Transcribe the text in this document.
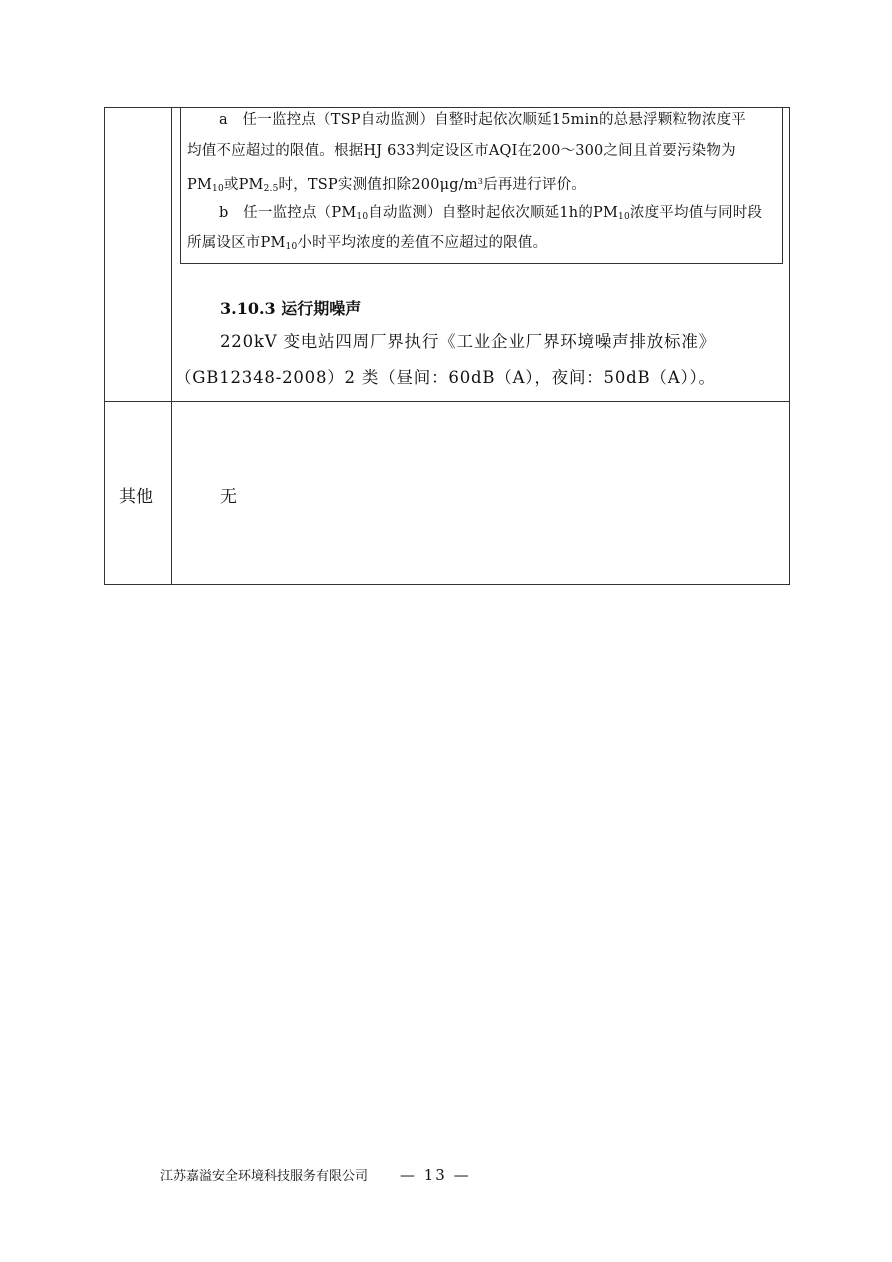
a　任一监控点（TSP自动监测）自整时起依次顺延15min的总悬浮颗粒物浓度平
均值不应超过的限值。根据HJ 633判定设区市AQI在200～300之间且首要污染物为
$PM_{10}$或$PM_{2.5}$时，TSP实测值扣除$200\mu g/m^3$后再进行评价。
b　任一监控点（$PM_{10}$自动监测）自整时起依次顺延1h的$PM_{10}$浓度平均值与同时段
所属设区市$PM_{10}$小时平均浓度的差值不应超过的限值。
3.10.3 运行期噪声
220kV 变电站四周厂界执行《工业企业厂界环境噪声排放标准》
（GB12348-2008）2 类（昼间：60dB（A），夜间：50dB（A））。
其他	无
江苏嘉溢安全环境科技服务有限公司 — 13 —
